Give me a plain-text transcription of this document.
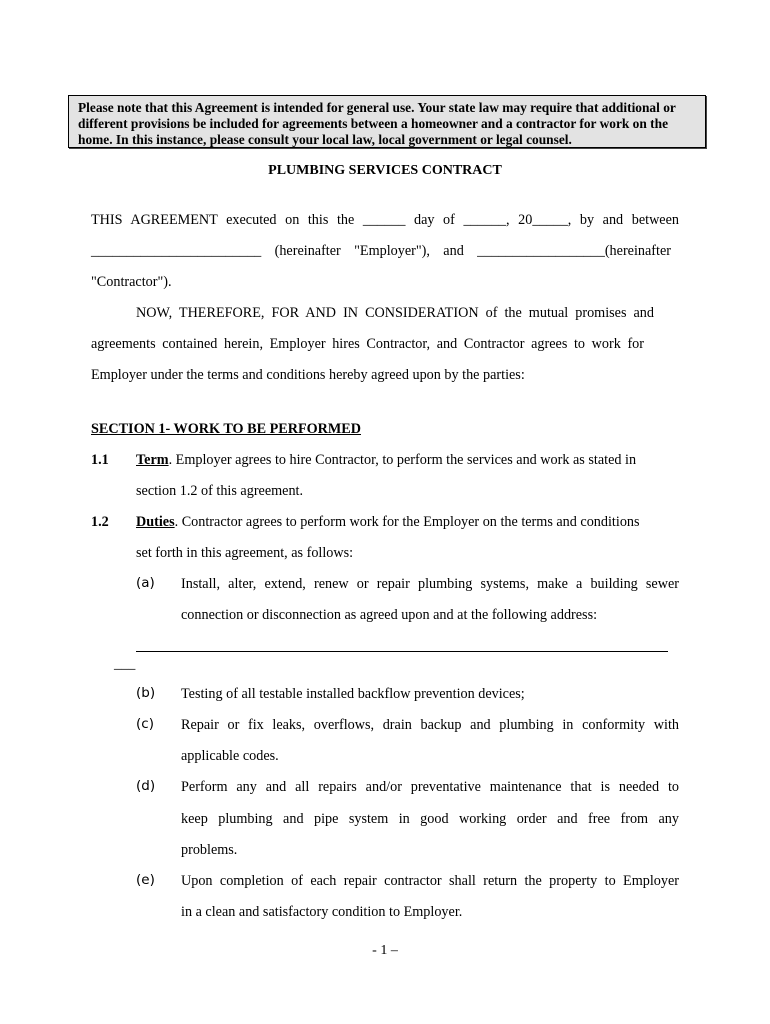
Please note that this Agreement is intended for general use. Your state law may require that additional or
different provisions be included for agreements between a homeowner and a contractor for work on the
home. In this instance, please consult your local law, local government or legal counsel.
PLUMBING SERVICES CONTRACT
THIS AGREEMENT executed on this the ______ day of ______, 20_____, by and between
________________________ (hereinafter "Employer"), and __________________(hereinafter
"Contractor").
NOW, THEREFORE, FOR AND IN CONSIDERATION of the mutual promises and
agreements contained herein, Employer hires Contractor, and Contractor agrees to work for
Employer under the terms and conditions hereby agreed upon by the parties:
SECTION 1- WORK TO BE PERFORMED
1.1 Term. Employer agrees to hire Contractor, to perform the services and work as stated in
section 1.2 of this agreement.
1.2 Duties. Contractor agrees to perform work for the Employer on the terms and conditions
set forth in this agreement, as follows:
(a) Install, alter, extend, renew or repair plumbing systems, make a building sewer
connection or disconnection as agreed upon and at the following address:
___
(b) Testing of all testable installed backflow prevention devices;
(c) Repair or fix leaks, overflows, drain backup and plumbing in conformity with
applicable codes.
(d) Perform any and all repairs and/or preventative maintenance that is needed to
keep plumbing and pipe system in good working order and free from any
problems.
(e) Upon completion of each repair contractor shall return the property to Employer
in a clean and satisfactory condition to Employer.
- 1 –
